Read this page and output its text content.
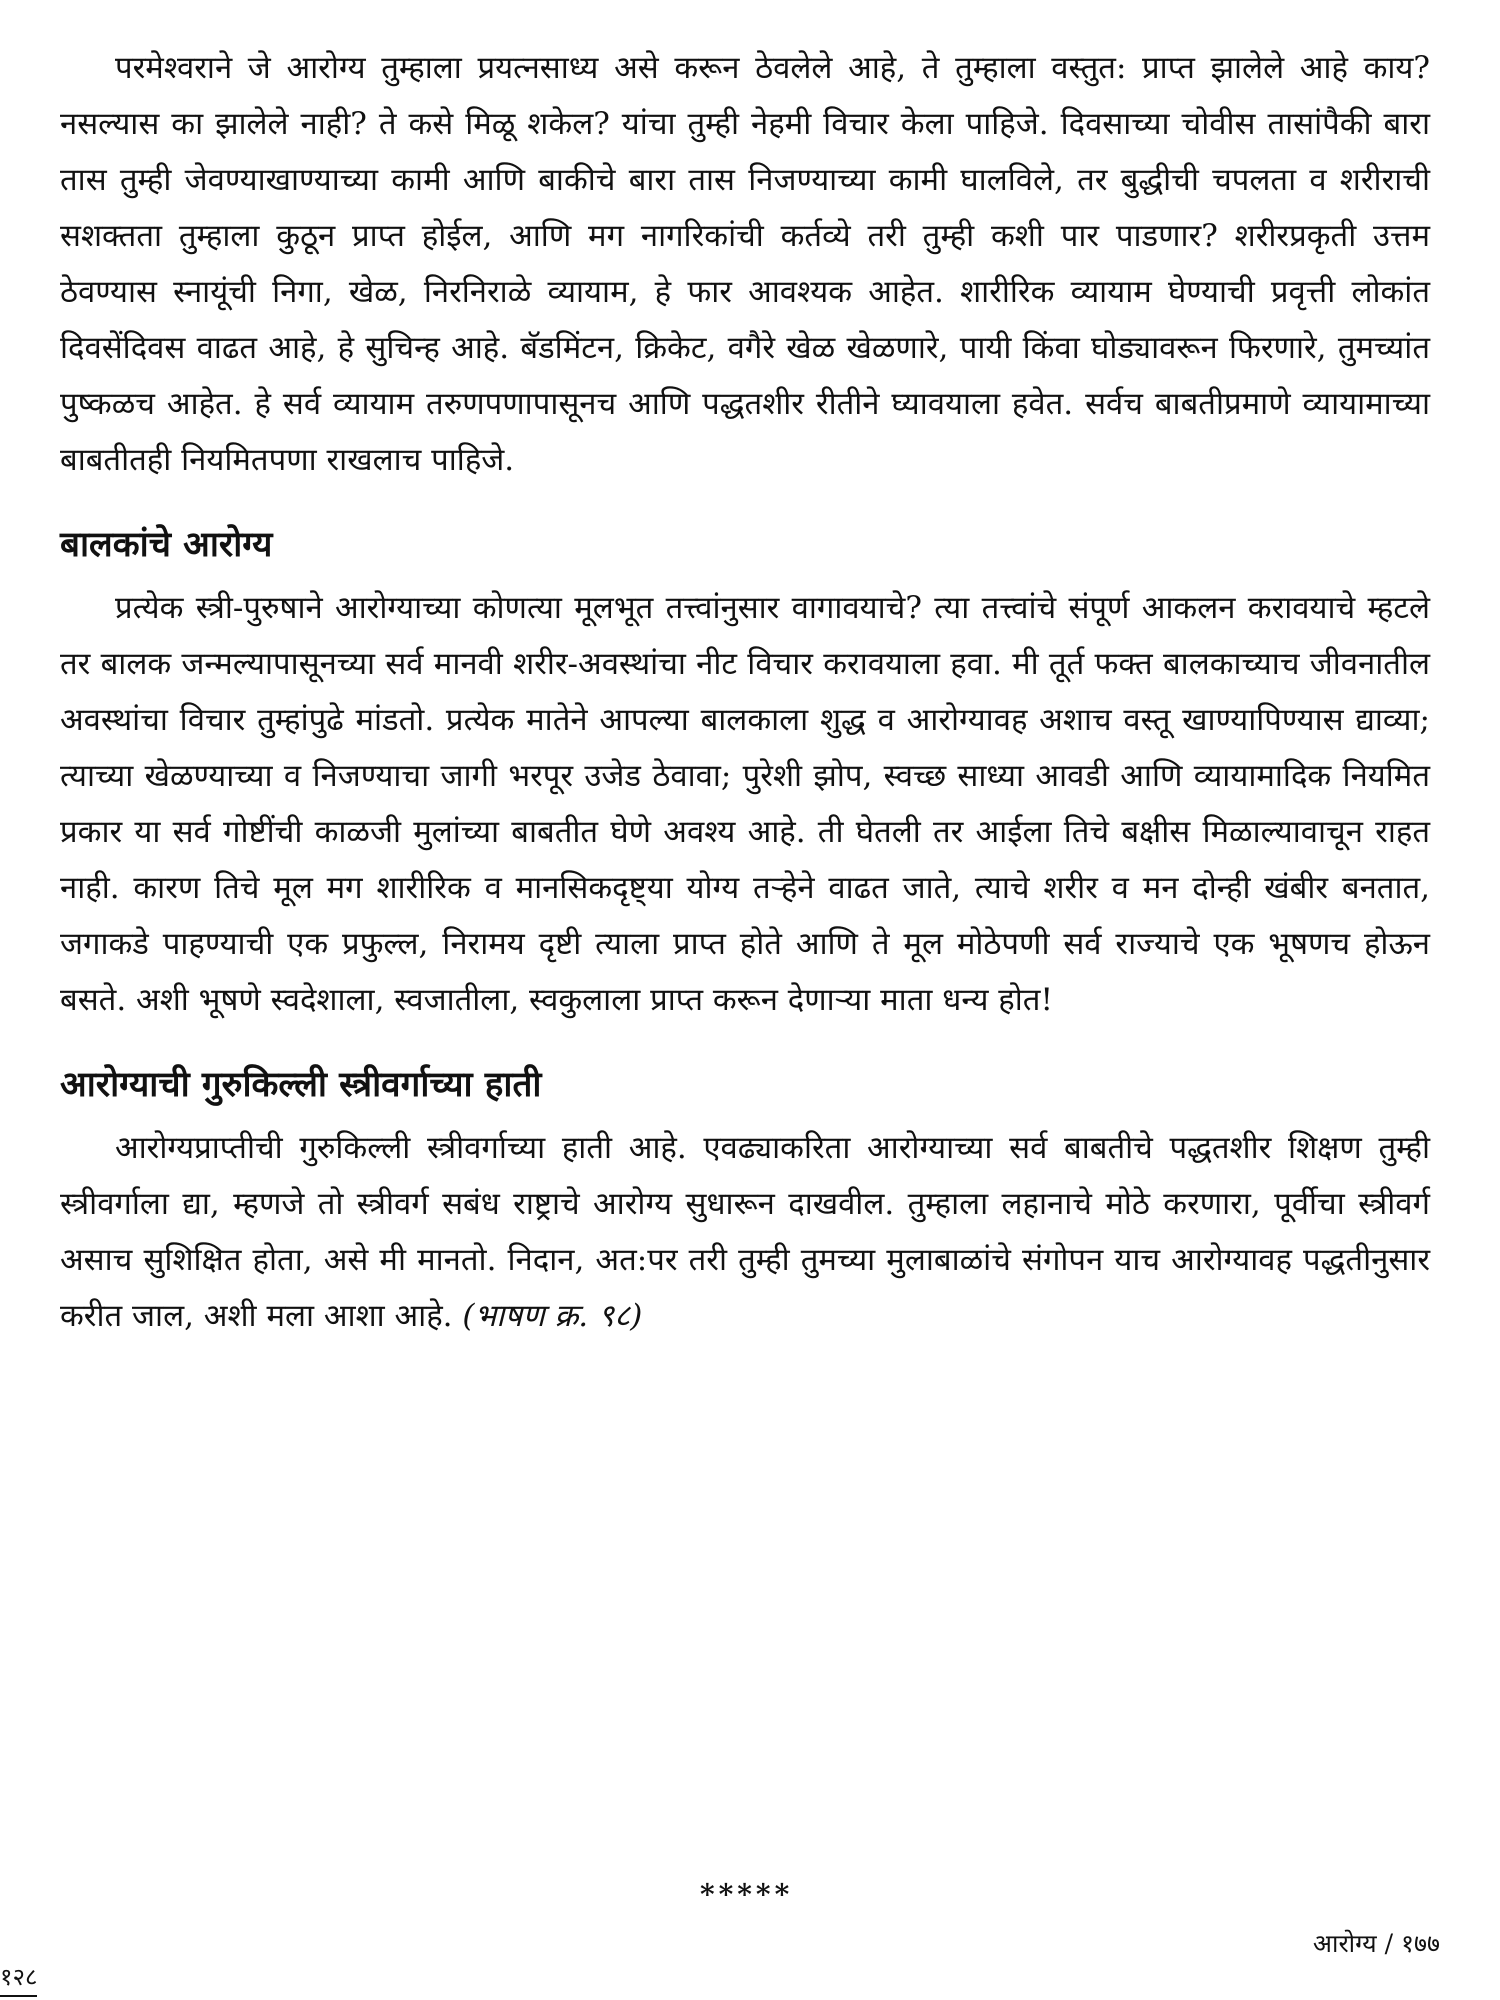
परमेश्वराने जे आरोग्य तुम्हाला प्रयत्नसाध्य असे करून ठेवलेले आहे, ते तुम्हाला वस्तुत: प्राप्त झालेले आहे काय? नसल्यास का झालेले नाही? ते कसे मिळू शकेल? यांचा तुम्ही नेहमी विचार केला पाहिजे. दिवसाच्या चोवीस तासांपैकी बारा तास तुम्ही जेवण्याखाण्याच्या कामी आणि बाकीचे बारा तास निजण्याच्या कामी घालविले, तर बुद्धीची चपलता व शरीराची सशक्तता तुम्हाला कुठून प्राप्त होईल, आणि मग नागरिकांची कर्तव्ये तरी तुम्ही कशी पार पाडणार? शरीरप्रकृती उत्तम ठेवण्यास स्नायूंची निगा, खेळ, निरनिराळे व्यायाम, हे फार आवश्यक आहेत. शारीरिक व्यायाम घेण्याची प्रवृत्ती लोकांत दिवसेंदिवस वाढत आहे, हे सुचिन्ह आहे. बॅडमिंटन, क्रिकेट, वगैरे खेळ खेळणारे, पायी किंवा घोड्यावरून फिरणारे, तुमच्यांत पुष्कळच आहेत. हे सर्व व्यायाम तरुणपणापासूनच आणि पद्धतशीर रीतीने घ्यावयाला हवेत. सर्वच बाबतीप्रमाणे व्यायामाच्या बाबतीतही नियमितपणा राखलाच पाहिजे.

बालकांचे आरोग्य

प्रत्येक स्त्री-पुरुषाने आरोग्याच्या कोणत्या मूलभूत तत्त्वांनुसार वागावयाचे? त्या तत्त्वांचे संपूर्ण आकलन करावयाचे म्हटले तर बालक जन्मल्यापासूनच्या सर्व मानवी शरीर-अवस्थांचा नीट विचार करावयाला हवा. मी तूर्त फक्त बालकाच्याच जीवनातील अवस्थांचा विचार तुम्हांपुढे मांडतो. प्रत्येक मातेने आपल्या बालकाला शुद्ध व आरोग्यावह अशाच वस्तू खाण्यापिण्यास द्याव्या; त्याच्या खेळण्याच्या व निजण्याचा जागी भरपूर उजेड ठेवावा; पुरेशी झोप, स्वच्छ साध्या आवडी आणि व्यायामादिक नियमित प्रकार या सर्व गोष्टींची काळजी मुलांच्या बाबतीत घेणे अवश्य आहे. ती घेतली तर आईला तिचे बक्षीस मिळाल्यावाचून राहत नाही. कारण तिचे मूल मग शारीरिक व मानसिकदृष्ट्या योग्य तऱ्हेने वाढत जाते, त्याचे शरीर व मन दोन्ही खंबीर बनतात, जगाकडे पाहण्याची एक प्रफुल्ल, निरामय दृष्टी त्याला प्राप्त होते आणि ते मूल मोठेपणी सर्व राज्याचे एक भूषणच होऊन बसते. अशी भूषणे स्वदेशाला, स्वजातीला, स्वकुलाला प्राप्त करून देणाऱ्या माता धन्य होत!

आरोग्याची गुरुकिल्ली स्त्रीवर्गाच्या हाती

आरोग्यप्राप्तीची गुरुकिल्ली स्त्रीवर्गाच्या हाती आहे. एवढ्याकरिता आरोग्याच्या सर्व बाबतीचे पद्धतशीर शिक्षण तुम्ही स्त्रीवर्गाला द्या, म्हणजे तो स्त्रीवर्ग सबंध राष्ट्राचे आरोग्य सुधारून दाखवील. तुम्हाला लहानाचे मोठे करणारा, पूर्वीचा स्त्रीवर्ग असाच सुशिक्षित होता, असे मी मानतो. निदान, अत:पर तरी तुम्ही तुमच्या मुलाबाळांचे संगोपन याच आरोग्यावह पद्धतीनुसार करीत जाल, अशी मला आशा आहे. (भाषण क्र. ९८)

*****
आरोग्य / १७७
१२८
